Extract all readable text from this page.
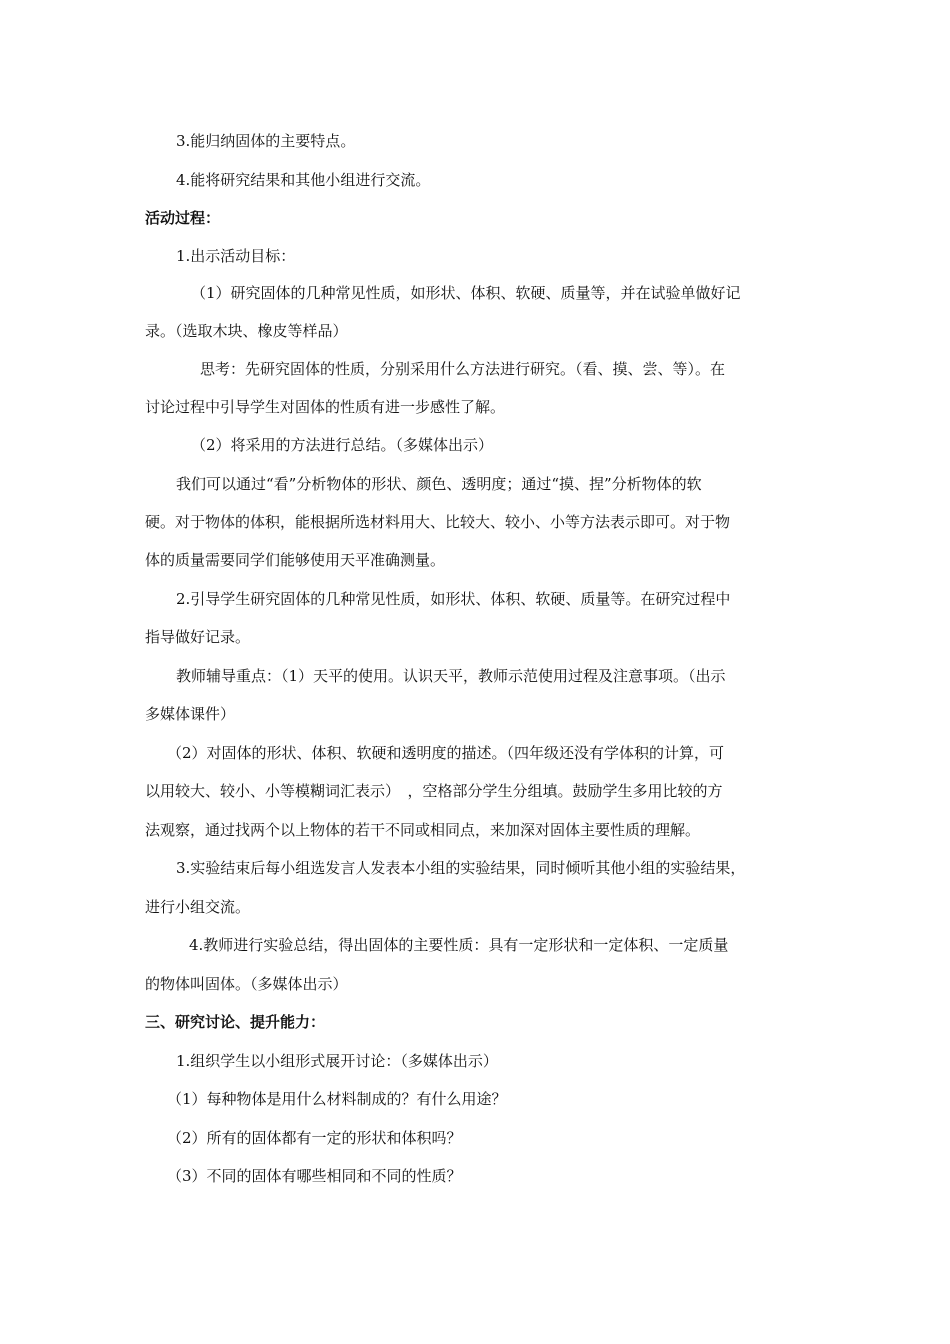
3.能归纳固体的主要特点。
4.能将研究结果和其他小组进行交流。
活动过程：
1.出示活动目标：
（1）研究固体的几种常见性质，如形状、体积、软硬、质量等，并在试验单做好记
录。（选取木块、橡皮等样品）
思考：先研究固体的性质，分别采用什么方法进行研究。（看、摸、尝、等）。在
讨论过程中引导学生对固体的性质有进一步感性了解。
（2）将采用的方法进行总结。（多媒体出示）
我们可以通过“看”分析物体的形状、颜色、透明度；通过“摸、捏”分析物体的软
硬。对于物体的体积，能根据所选材料用大、比较大、较小、小等方法表示即可。对于物
体的质量需要同学们能够使用天平准确测量。
2.引导学生研究固体的几种常见性质，如形状、体积、软硬、质量等。在研究过程中
指导做好记录。
教师辅导重点：（1）天平的使用。认识天平，教师示范使用过程及注意事项。（出示
多媒体课件）
（2）对固体的形状、体积、软硬和透明度的描述。（四年级还没有学体积的计算，可
以用较大、较小、小等模糊词汇表示）　，空格部分学生分组填。鼓励学生多用比较的方
法观察，通过找两个以上物体的若干不同或相同点，来加深对固体主要性质的理解。
3.实验结束后每小组选发言人发表本小组的实验结果，同时倾听其他小组的实验结果，
进行小组交流。
4.教师进行实验总结，得出固体的主要性质：具有一定形状和一定体积、一定质量
的物体叫固体。（多媒体出示）
三、研究讨论、提升能力：
1.组织学生以小组形式展开讨论：（多媒体出示）
（1）每种物体是用什么材料制成的？有什么用途？
（2）所有的固体都有一定的形状和体积吗？
（3）不同的固体有哪些相同和不同的性质？
